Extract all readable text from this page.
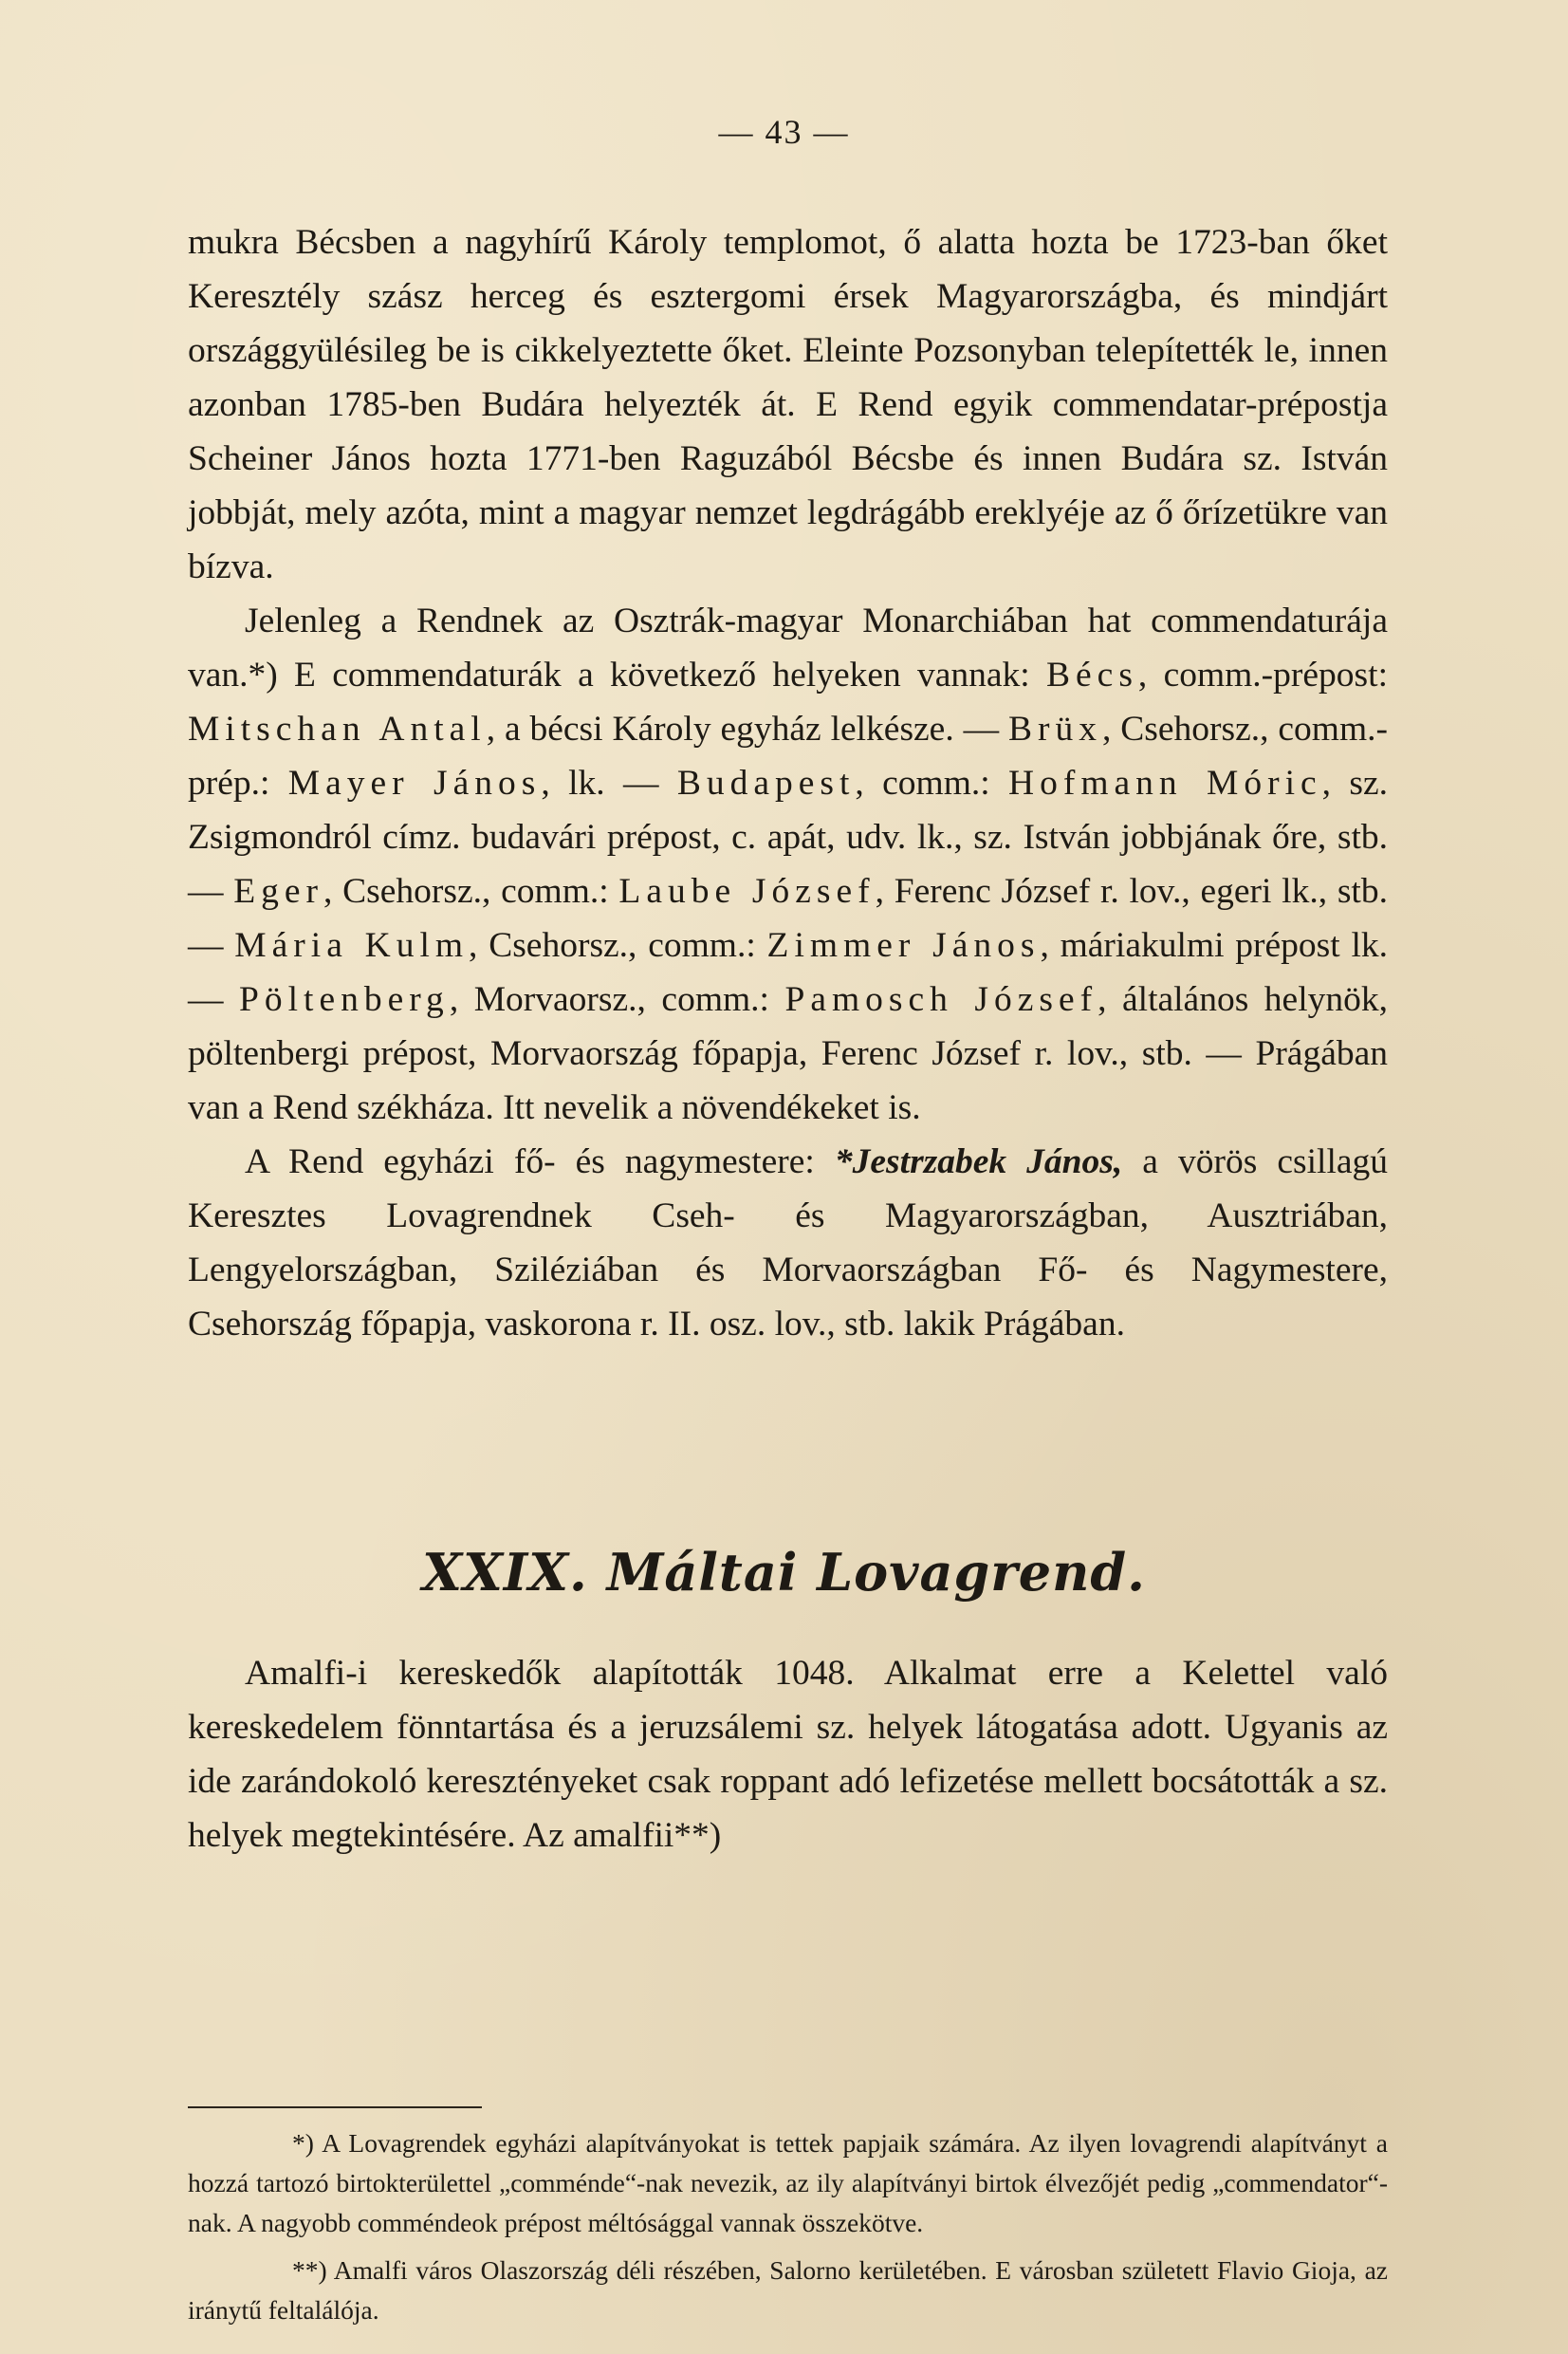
— 43 —

mukra Bécsben a nagyhírű Károly templomot, ő alatta hozta be 1723-ban őket Keresztély szász herceg és esztergomi érsek Magyarországba, és mindjárt országgyülésileg be is cikkelyeztette őket. Eleinte Pozsonyban telepítették le, innen azonban 1785-ben Budára helyezték át. E Rend egyik commendatar-prépostja Scheiner János hozta 1771-ben Raguzából Bécsbe és innen Budára sz. István jobbját, mely azóta, mint a magyar nemzet legdrágább ereklyéje az ő őrízetükre van bízva.

Jelenleg a Rendnek az Osztrák-magyar Monarchiában hat commendaturája van.*) E commendaturák a következő helyeken vannak: Bécs, comm.-prépost: Mitschan Antal, a bécsi Károly egyház lelkésze. — Brüx, Csehorsz., comm.-prép.: Mayer János, lk. — Budapest, comm.: Hofmann Móric, sz. Zsigmondról címz. budavári prépost, c. apát, udv. lk., sz. István jobbjának őre, stb. — Eger, Csehorsz., comm.: Laube József, Ferenc József r. lov., egeri lk., stb. — Mária Kulm, Csehorsz., comm.: Zimmer János, máriakulmi prépost lk. — Pöltenberg, Morvaorsz., comm.: Pamosch József, általános helynök, pöltenbergi prépost, Morvaország főpapja, Ferenc József r. lov., stb. — Prágában van a Rend székháza. Itt nevelik a növendékeket is.

A Rend egyházi fő- és nagymestere: *Jestrzabek János, a vörös csillagú Keresztes Lovagrendnek Cseh- és Magyarországban, Ausztriában, Lengyelországban, Sziléziában és Morvaországban Fő- és Nagymestere, Csehország főpapja, vaskorona r. II. osz. lov., stb. lakik Prágában.

XXIX. Máltai Lovagrend.

Amalfi-i kereskedők alapították 1048. Alkalmat erre a Kelettel való kereskedelem fönntartása és a jeruzsálemi sz. helyek látogatása adott. Ugyanis az ide zarándokoló keresztényeket csak roppant adó lefizetése mellett bocsátották a sz. helyek megtekintésére. Az amalfii**)

*) A Lovagrendek egyházi alapítványokat is tettek papjaik számára. Az ilyen lovagrendi alapítványt a hozzá tartozó birtokterülettel „comménde“-nak nevezik, az ily alapítványi birtok élvezőjét pedig „commendator“-nak. A nagyobb comméndeok prépost méltósággal vannak összekötve.

**) Amalfi város Olaszország déli részében, Salorno kerületében. E városban született Flavio Gioja, az iránytű feltalálója.
